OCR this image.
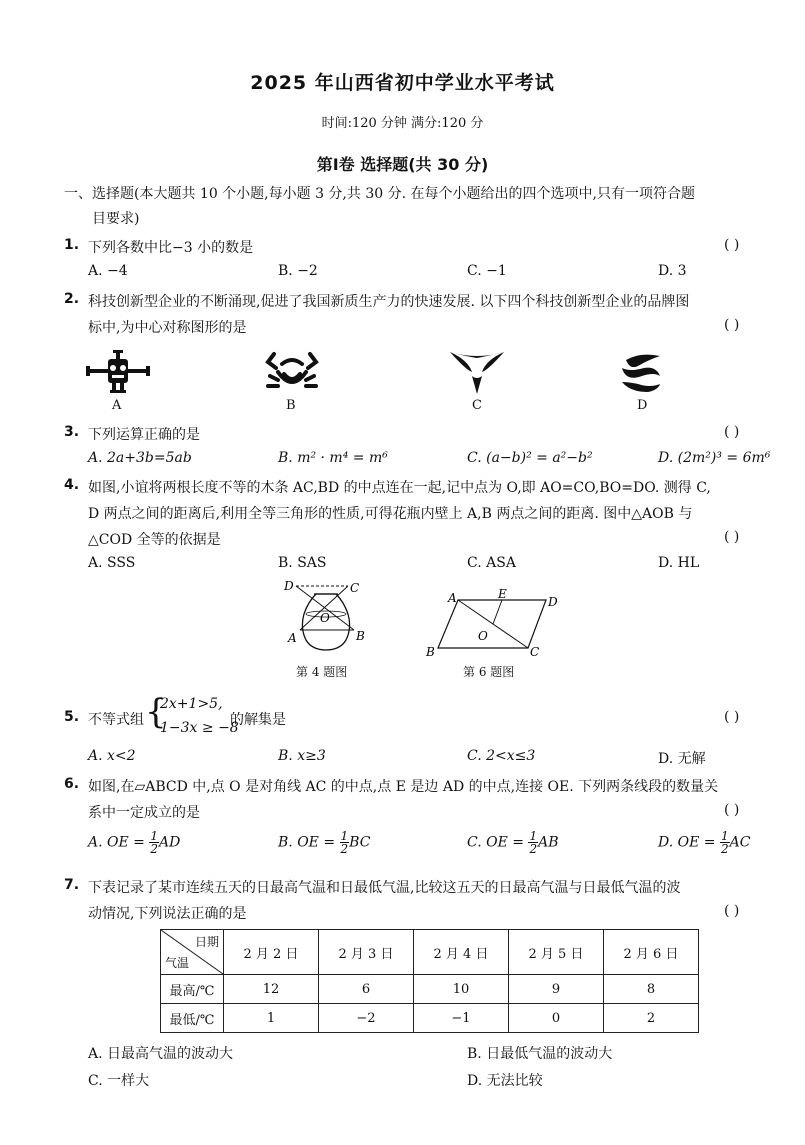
2025 年山西省初中学业水平考试
时间:120 分钟 满分:120 分
第Ⅰ卷 选择题(共 30 分)
一、选择题(本大题共 10 个小题,每小题 3 分,共 30 分. 在每个小题给出的四个选项中,只有一项符合题
目要求)
1. 下列各数中比−3 小的数是	( )
A. −4	B. −2	C. −1	D. 3
2. 科技创新型企业的不断涌现,促进了我国新质生产力的快速发展. 以下四个科技创新型企业的品牌图
标中,为中心对称图形的是	( )
A	B	C	D
3. 下列运算正确的是	( )
A. 2a+3b=5ab	B. m² · m⁴ = m⁶	C. (a−b)² = a²−b²	D. (2m²)³ = 6m⁶
4. 如图,小谊将两根长度不等的木条 AC,BD 的中点连在一起,记中点为 O,即 AO=CO,BO=DO. 测得 C,
D 两点之间的距离后,利用全等三角形的性质,可得花瓶内壁上 A,B 两点之间的距离. 图中△AOB 与
△COD 全等的依据是	( )
A. SSS	B. SAS	C. ASA	D. HL
D	C
O
A	B
第 4 题图
A	E
D
O
B	C
第 6 题图
5. 不等式组 {
2x+1>5,
1−3x ≥ −8
的解集是	( )
A. x<2	B. x≥3	C. 2<x≤3	D. 无解
6. 如图,在▱ABCD 中,点 O 是对角线 AC 的中点,点 E 是边 AD 的中点,连接 OE. 下列两条线段的数量关
系中一定成立的是	( )
A. OE = $\frac{1}{2}$ AD	B. OE = $\frac{1}{2}$ BC	C. OE = $\frac{1}{2}$ AB	D. OE = $\frac{1}{2}$ AC
7. 下表记录了某市连续五天的日最高气温和日最低气温,比较这五天的日最高气温与日最低气温的波
动情况,下列说法正确的是	( )
日期
气温	2 月 2 日	2 月 3 日	2 月 4 日	2 月 5 日	2 月 6 日
最高/℃	12	6	10	9	8
最低/℃	1	−2	−1	0	2
A. 日最高气温的波动大	B. 日最低气温的波动大
C. 一样大	D. 无法比较
